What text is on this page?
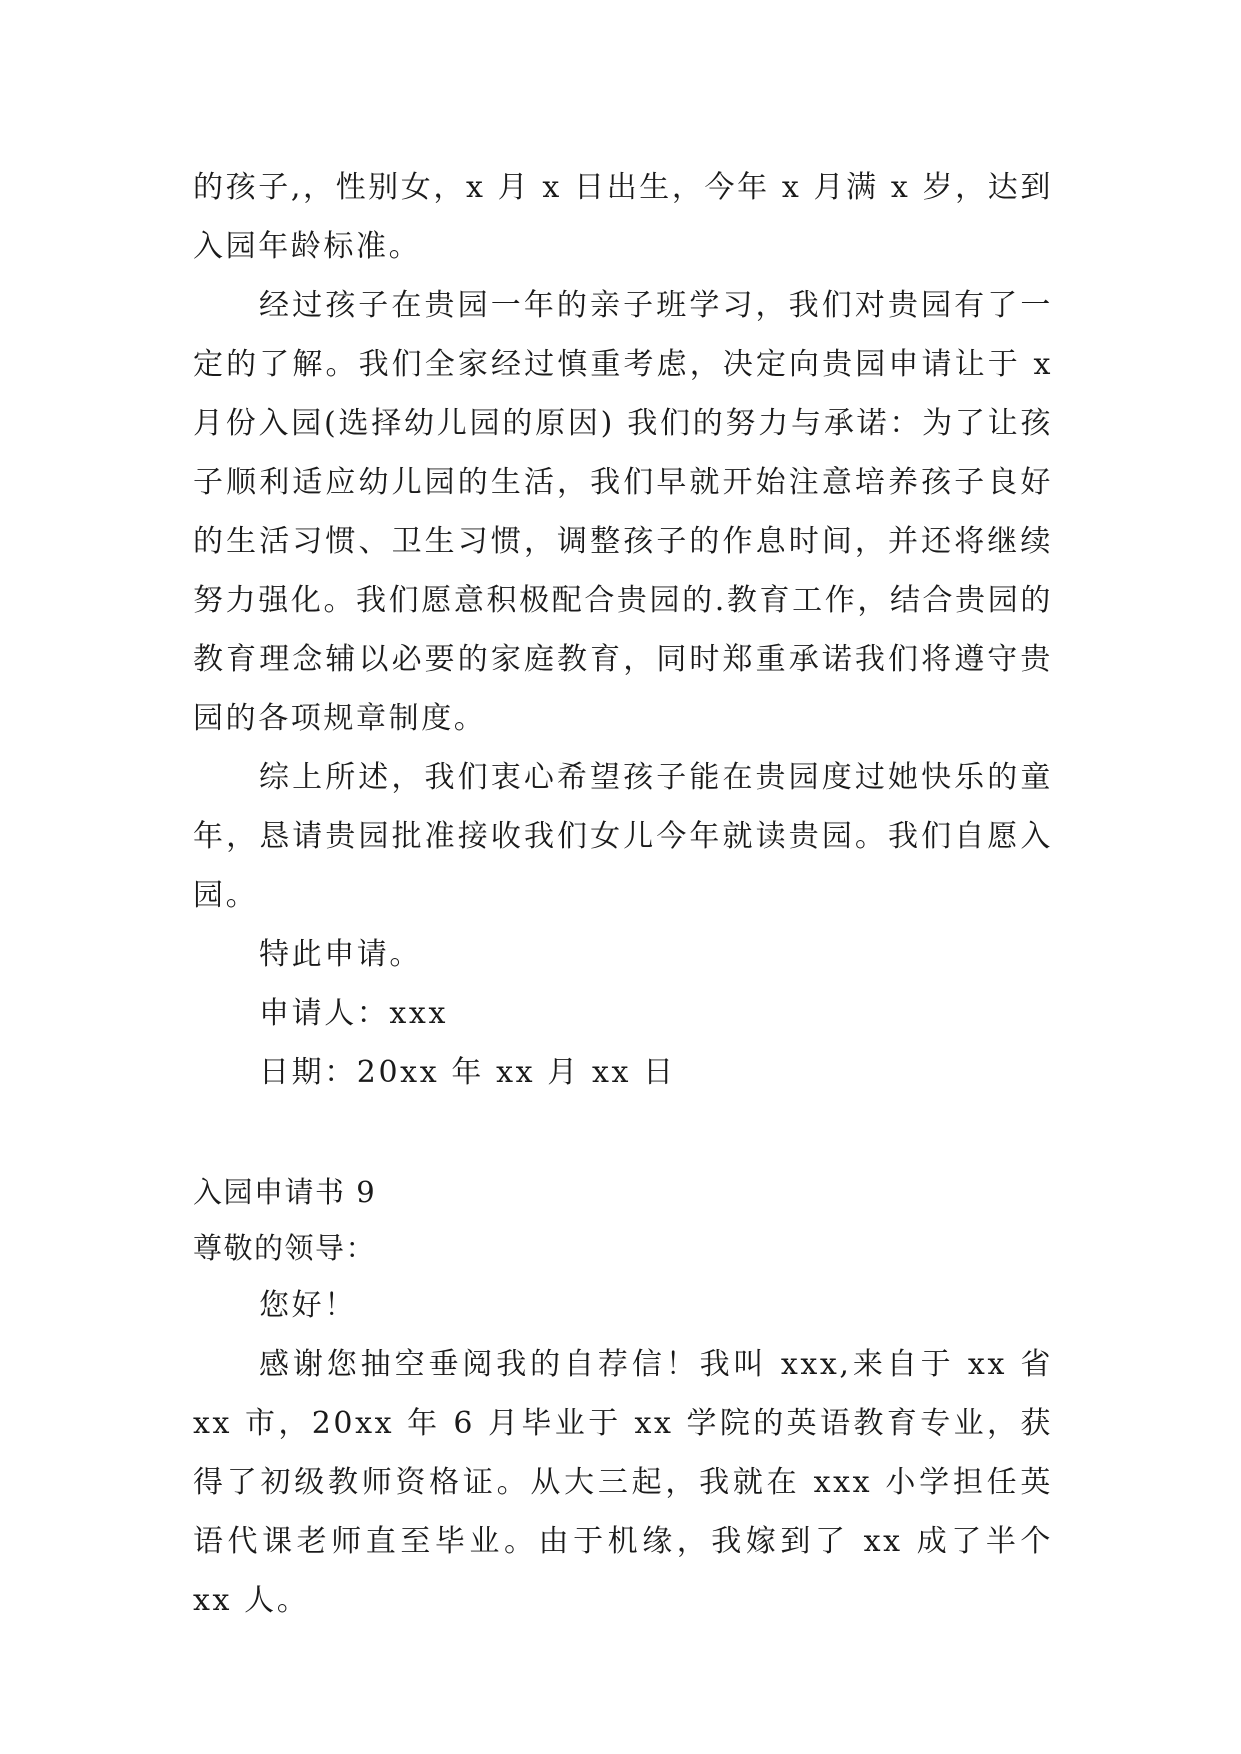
的孩子,，性别女，x 月 x 日出生，今年 x 月满 x 岁，达到入园年龄标准。

经过孩子在贵园一年的亲子班学习，我们对贵园有了一定的了解。我们全家经过慎重考虑，决定向贵园申请让于 x 月份入园(选择幼儿园的原因) 我们的努力与承诺：为了让孩子顺利适应幼儿园的生活，我们早就开始注意培养孩子良好的生活习惯、卫生习惯，调整孩子的作息时间，并还将继续努力强化。我们愿意积极配合贵园的.教育工作，结合贵园的教育理念辅以必要的家庭教育，同时郑重承诺我们将遵守贵园的各项规章制度。

综上所述，我们衷心希望孩子能在贵园度过她快乐的童年，恳请贵园批准接收我们女儿今年就读贵园。我们自愿入园。

特此申请。

申请人：xxx

日期：20xx 年 xx 月 xx 日

入园申请书 9

尊敬的领导：

您好！

感谢您抽空垂阅我的自荐信！我叫 xxx,来自于 xx 省 xx 市，20xx 年 6 月毕业于 xx 学院的英语教育专业，获得了初级教师资格证。从大三起，我就在 xxx 小学担任英语代课老师直至毕业。由于机缘，我嫁到了 xx 成了半个 xx 人。
